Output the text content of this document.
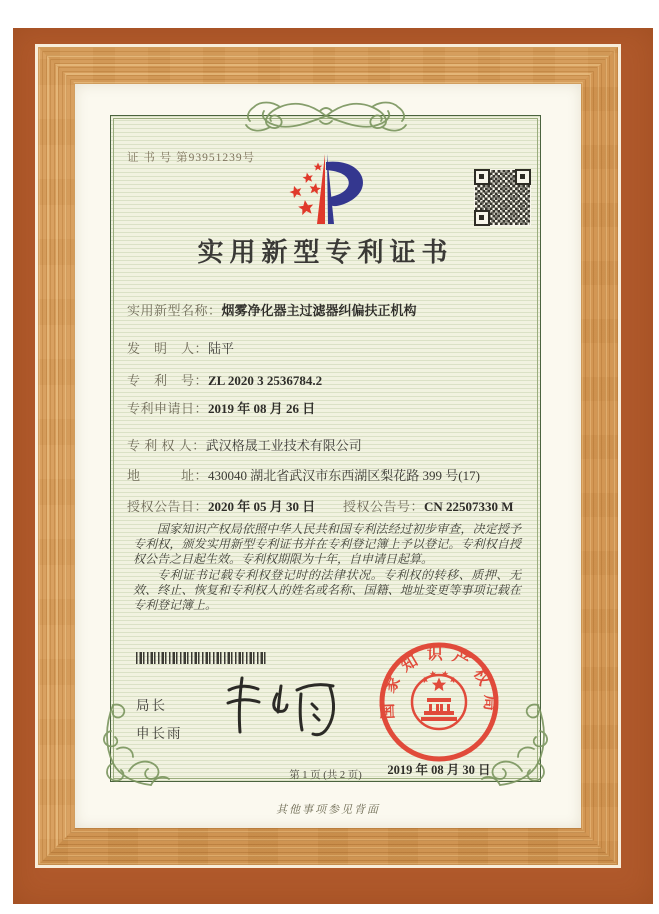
证 书 号 第93951239号
实用新型专利证书
实用新型名称：烟雾净化器主过滤器纠偏扶正机构
发　明　人：陆平
专　利　号：ZL 2020 3 2536784.2
专利申请日：2019 年 08 月 26 日
专 利 权 人：武汉格晟工业技术有限公司
地　　　址：430040 湖北省武汉市东西湖区梨花路 399 号(17)
授权公告日：2020 年 05 月 30 日 授权公告号：CN 22507330 M

国家知识产权局依照中华人民共和国专利法经过初步审查，决定授予专利权，颁发实用新型专利证书并在专利登记簿上予以登记。专利权自授权公告之日起生效。专利权期限为十年，自申请日起算。

专利证书记载专利权登记时的法律状况。专利权的转移、质押、无效、终止、恢复和专利权人的姓名或名称、国籍、地址变更等事项记载在专利登记簿上。

局长
申长雨
国家知识产权局
2019 年 08 月 30 日
第 1 页 (共 2 页)
其他事项参见背面
